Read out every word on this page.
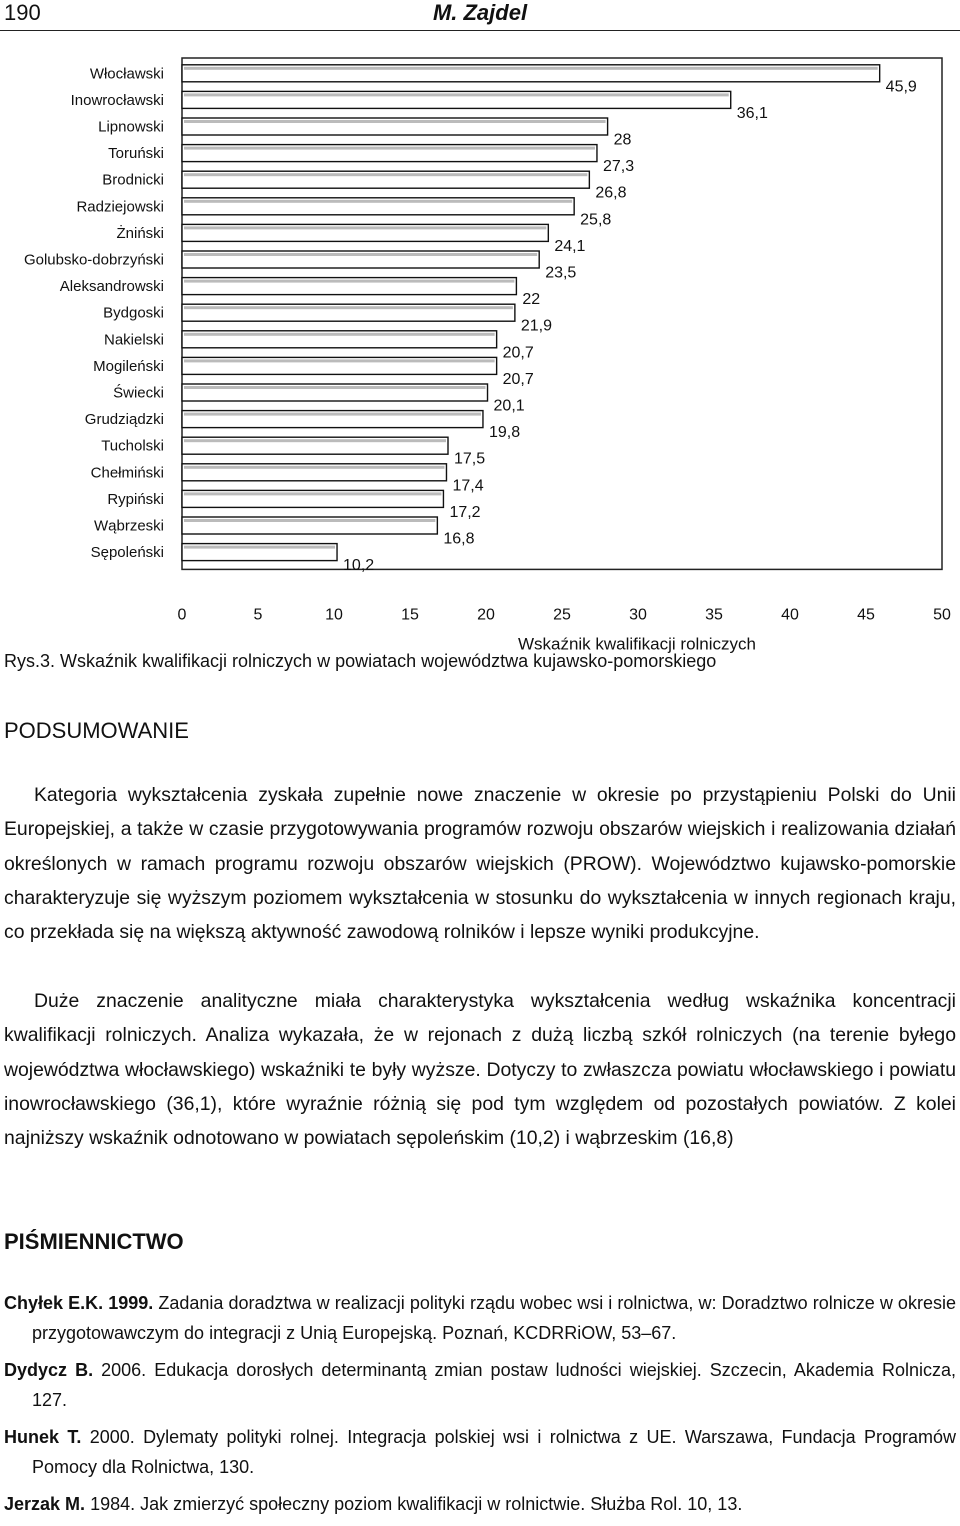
190	M. Zajdel
Włocławski
45,9
Inowrocławski
36,1
Lipnowski
28
Toruński
27,3
Brodnicki
26,8
Radziejowski
25,8
Żniński
24,1
Golubsko-dobrzyński
23,5
Aleksandrowski
22
Bydgoski
21,9
Nakielski
20,7
Mogileński
20,7
Świecki
20,1
Grudziądzki
19,8
Tucholski
17,5
Chełmiński
17,4
Rypiński
17,2
Wąbrzeski
16,8
Sępoleński
10,2
0	5	10	15	20	25	30	35	40	45	50
Wskaźnik kwalifikacji rolniczych
Rys.3. Wskaźnik kwalifikacji rolniczych w powiatach województwa kujawsko-pomorskiego
PODSUMOWANIE

Kategoria wykształcenia zyskała zupełnie nowe znaczenie w okresie po przystąpieniu Polski do Unii Europejskiej, a także w czasie przygotowywania programów rozwoju obszarów wiejskich i realizowania działań określonych w ramach programu rozwoju obszarów wiejskich (PROW). Województwo kujawsko-pomorskie charakteryzuje się wyższym poziomem wykształcenia w stosunku do wykształcenia w innych regionach kraju, co przekłada się na większą aktywność zawodową rolników i lepsze wyniki produkcyjne.

Duże znaczenie analityczne miała charakterystyka wykształcenia według wskaźnika koncentracji kwalifikacji rolniczych. Analiza wykazała, że w rejonach z dużą liczbą szkół rolniczych (na terenie byłego województwa włocławskiego) wskaźniki te były wyższe. Dotyczy to zwłaszcza powiatu włocławskiego i powiatu inowrocławskiego (36,1), które wyraźnie różnią się pod tym względem od pozostałych powiatów. Z kolei najniższy wskaźnik odnotowano w powiatach sępoleńskim (10,2) i wąbrzeskim (16,8)

PIŚMIENNICTWO

Chyłek E.K. 1999. Zadania doradztwa w realizacji polityki rządu wobec wsi i rolnictwa, w: Doradztwo rolnicze w okresie przygotowawczym do integracji z Unią Europejską. Poznań, KCDRRiOW, 53–67.

Dydycz B. 2006. Edukacja dorosłych determinantą zmian postaw ludności wiejskiej. Szczecin, Akademia Rolnicza, 127.

Hunek T. 2000. Dylematy polityki rolnej. Integracja polskiej wsi i rolnictwa z UE. Warszawa, Fundacja Programów Pomocy dla Rolnictwa, 130.

Jerzak M. 1984. Jak zmierzyć społeczny poziom kwalifikacji w rolnictwie. Służba Rol. 10, 13.
